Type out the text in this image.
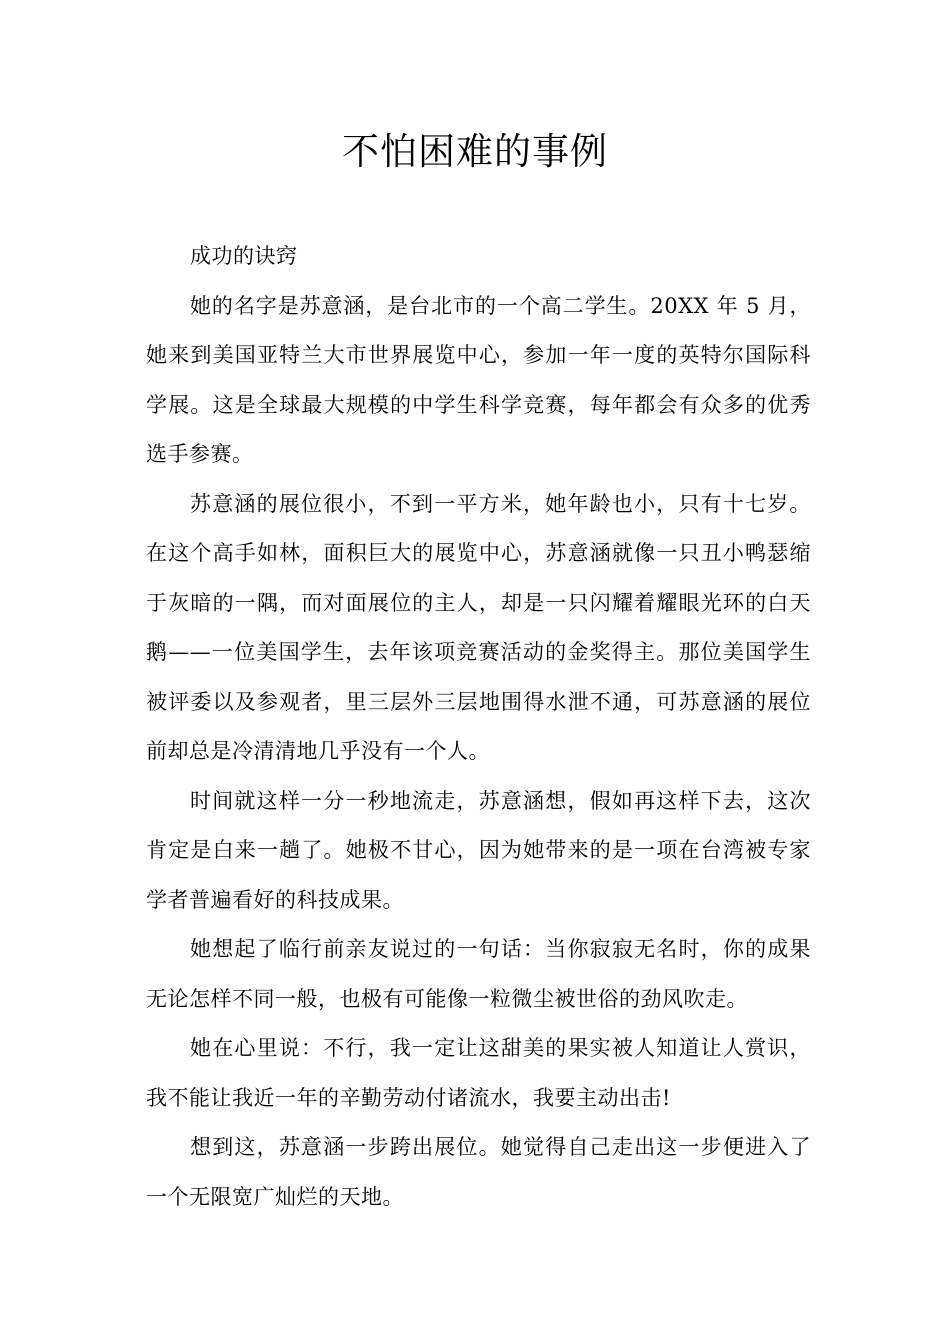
不怕困难的事例

成功的诀窍

她的名字是苏意涵，是台北市的一个高二学生。20XX 年 5 月，她来到美国亚特兰大市世界展览中心，参加一年一度的英特尔国际科学展。这是全球最大规模的中学生科学竞赛，每年都会有众多的优秀选手参赛。

苏意涵的展位很小，不到一平方米，她年龄也小，只有十七岁。在这个高手如林，面积巨大的展览中心，苏意涵就像一只丑小鸭瑟缩于灰暗的一隅，而对面展位的主人，却是一只闪耀着耀眼光环的白天鹅——一位美国学生，去年该项竞赛活动的金奖得主。那位美国学生被评委以及参观者，里三层外三层地围得水泄不通，可苏意涵的展位前却总是冷清清地几乎没有一个人。

时间就这样一分一秒地流走，苏意涵想，假如再这样下去，这次肯定是白来一趟了。她极不甘心，因为她带来的是一项在台湾被专家学者普遍看好的科技成果。

她想起了临行前亲友说过的一句话：当你寂寂无名时，你的成果无论怎样不同一般，也极有可能像一粒微尘被世俗的劲风吹走。

她在心里说：不行，我一定让这甜美的果实被人知道让人赏识，我不能让我近一年的辛勤劳动付诸流水，我要主动出击!

想到这，苏意涵一步跨出展位。她觉得自己走出这一步便进入了一个无限宽广灿烂的天地。
